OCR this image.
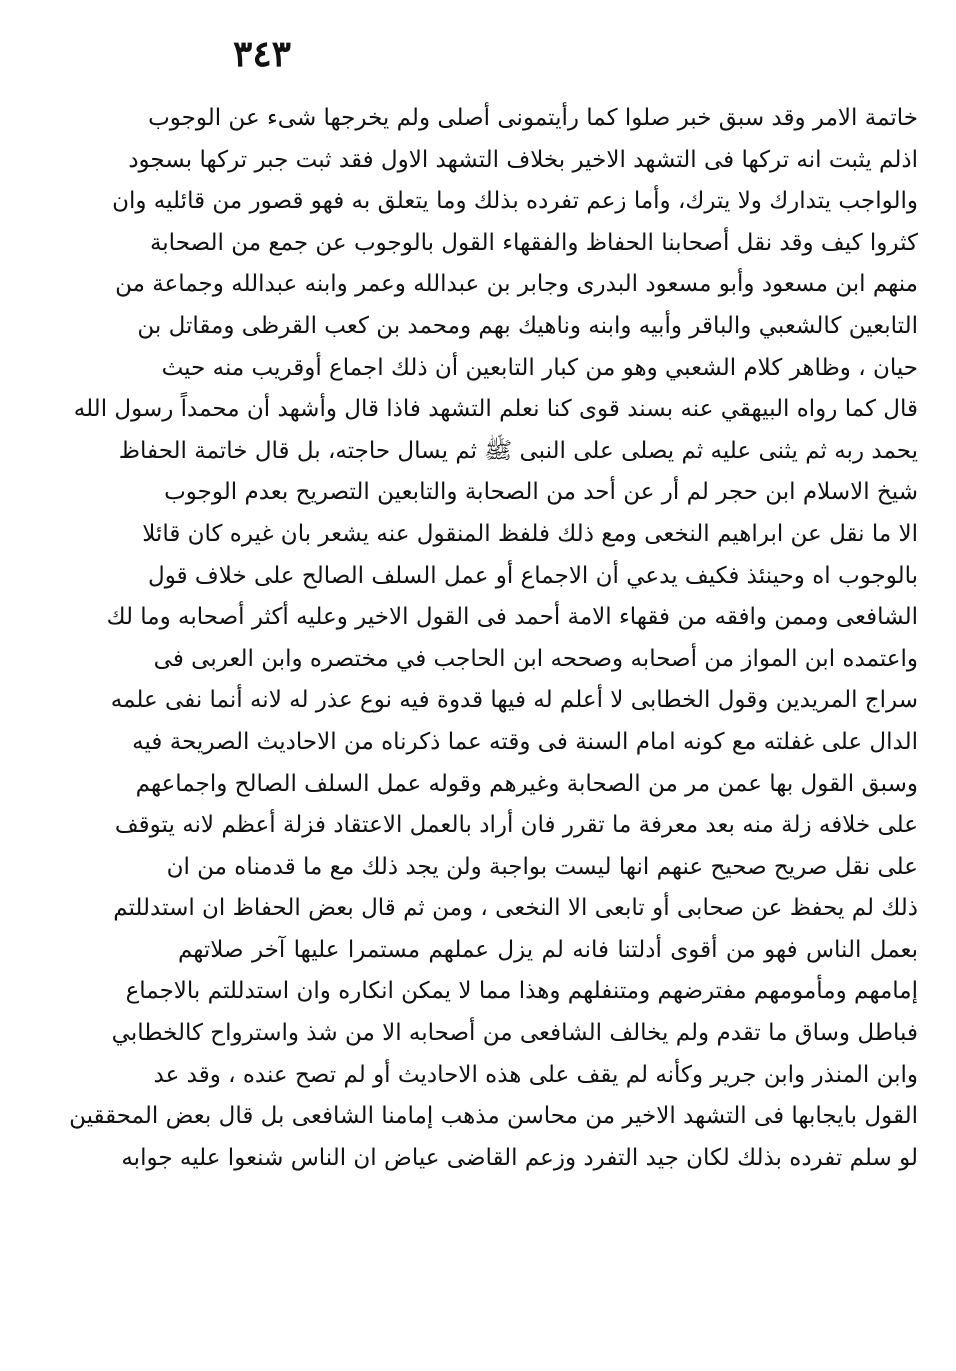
٣٤٣
خاتمة الامر وقد سبق خبر صلوا كما رأيتمونى أصلى ولم يخرجها شىء عن الوجوب
اذلم يثبت انه تركها فى التشهد الاخير بخلاف التشهد الاول فقد ثبت جبر تركها بسجود
والواجب يتدارك ولا يترك، وأما زعم تفرده بذلك وما يتعلق به فهو قصور من قائليه وان
كثروا كيف وقد نقل أصحابنا الحفاظ والفقهاء القول بالوجوب عن جمع من الصحابة
منهم ابن مسعود وأبو مسعود البدرى وجابر بن عبدالله وعمر وابنه عبدالله وجماعة من
التابعين كالشعبي والباقر وأبيه وابنه وناهيك بهم ومحمد بن كعب القرظى ومقاتل بن
حيان ، وظاهر كلام الشعبي وهو من كبار التابعين أن ذلك اجماع أوقريب منه حيث
قال كما رواه البيهقي عنه بسند قوى كنا نعلم التشهد فاذا قال وأشهد أن محمداً رسول الله
يحمد ربه ثم يثنى عليه ثم يصلى على النبى ﷺ ثم يسال حاجته، بل قال خاتمة الحفاظ
شيخ الاسلام ابن حجر لم أر عن أحد من الصحابة والتابعين التصريح بعدم الوجوب
الا ما نقل عن ابراهيم النخعى ومع ذلك فلفظ المنقول عنه يشعر بان غيره كان قائلا
بالوجوب اه وحينئذ فكيف يدعي أن الاجماع أو عمل السلف الصالح على خلاف قول
الشافعى وممن وافقه من فقهاء الامة أحمد فى القول الاخير وعليه أكثر أصحابه وما لك
واعتمده ابن المواز من أصحابه وصححه ابن الحاجب في مختصره وابن العربى فى
سراج المريدين وقول الخطابى لا أعلم له فيها قدوة فيه نوع عذر له لانه أنما نفى علمه
الدال على غفلته مع كونه امام السنة فى وقته عما ذكرناه من الاحاديث الصريحة فيه
وسبق القول بها عمن مر من الصحابة وغيرهم وقوله عمل السلف الصالح واجماعهم
على خلافه زلة منه بعد معرفة ما تقرر فان أراد بالعمل الاعتقاد فزلة أعظم لانه يتوقف
على نقل صريح صحيح عنهم انها ليست بواجبة ولن يجد ذلك مع ما قدمناه من ان
ذلك لم يحفظ عن صحابى أو تابعى الا النخعى ، ومن ثم قال بعض الحفاظ ان استدللتم
بعمل الناس فهو من أقوى أدلتنا فانه لم يزل عملهم مستمرا عليها آخر صلاتهم
إمامهم ومأمومهم مفترضهم ومتنفلهم وهذا مما لا يمكن انكاره وان استدللتم بالاجماع
فباطل وساق ما تقدم ولم يخالف الشافعى من أصحابه الا من شذ واسترواح كالخطابي
وابن المنذر وابن جرير وكأنه لم يقف على هذه الاحاديث أو لم تصح عنده ، وقد عد
القول بايجابها فى التشهد الاخير من محاسن مذهب إمامنا الشافعى بل قال بعض المحققين
لو سلم تفرده بذلك لكان جيد التفرد وزعم القاضى عياض ان الناس شنعوا عليه جوابه
